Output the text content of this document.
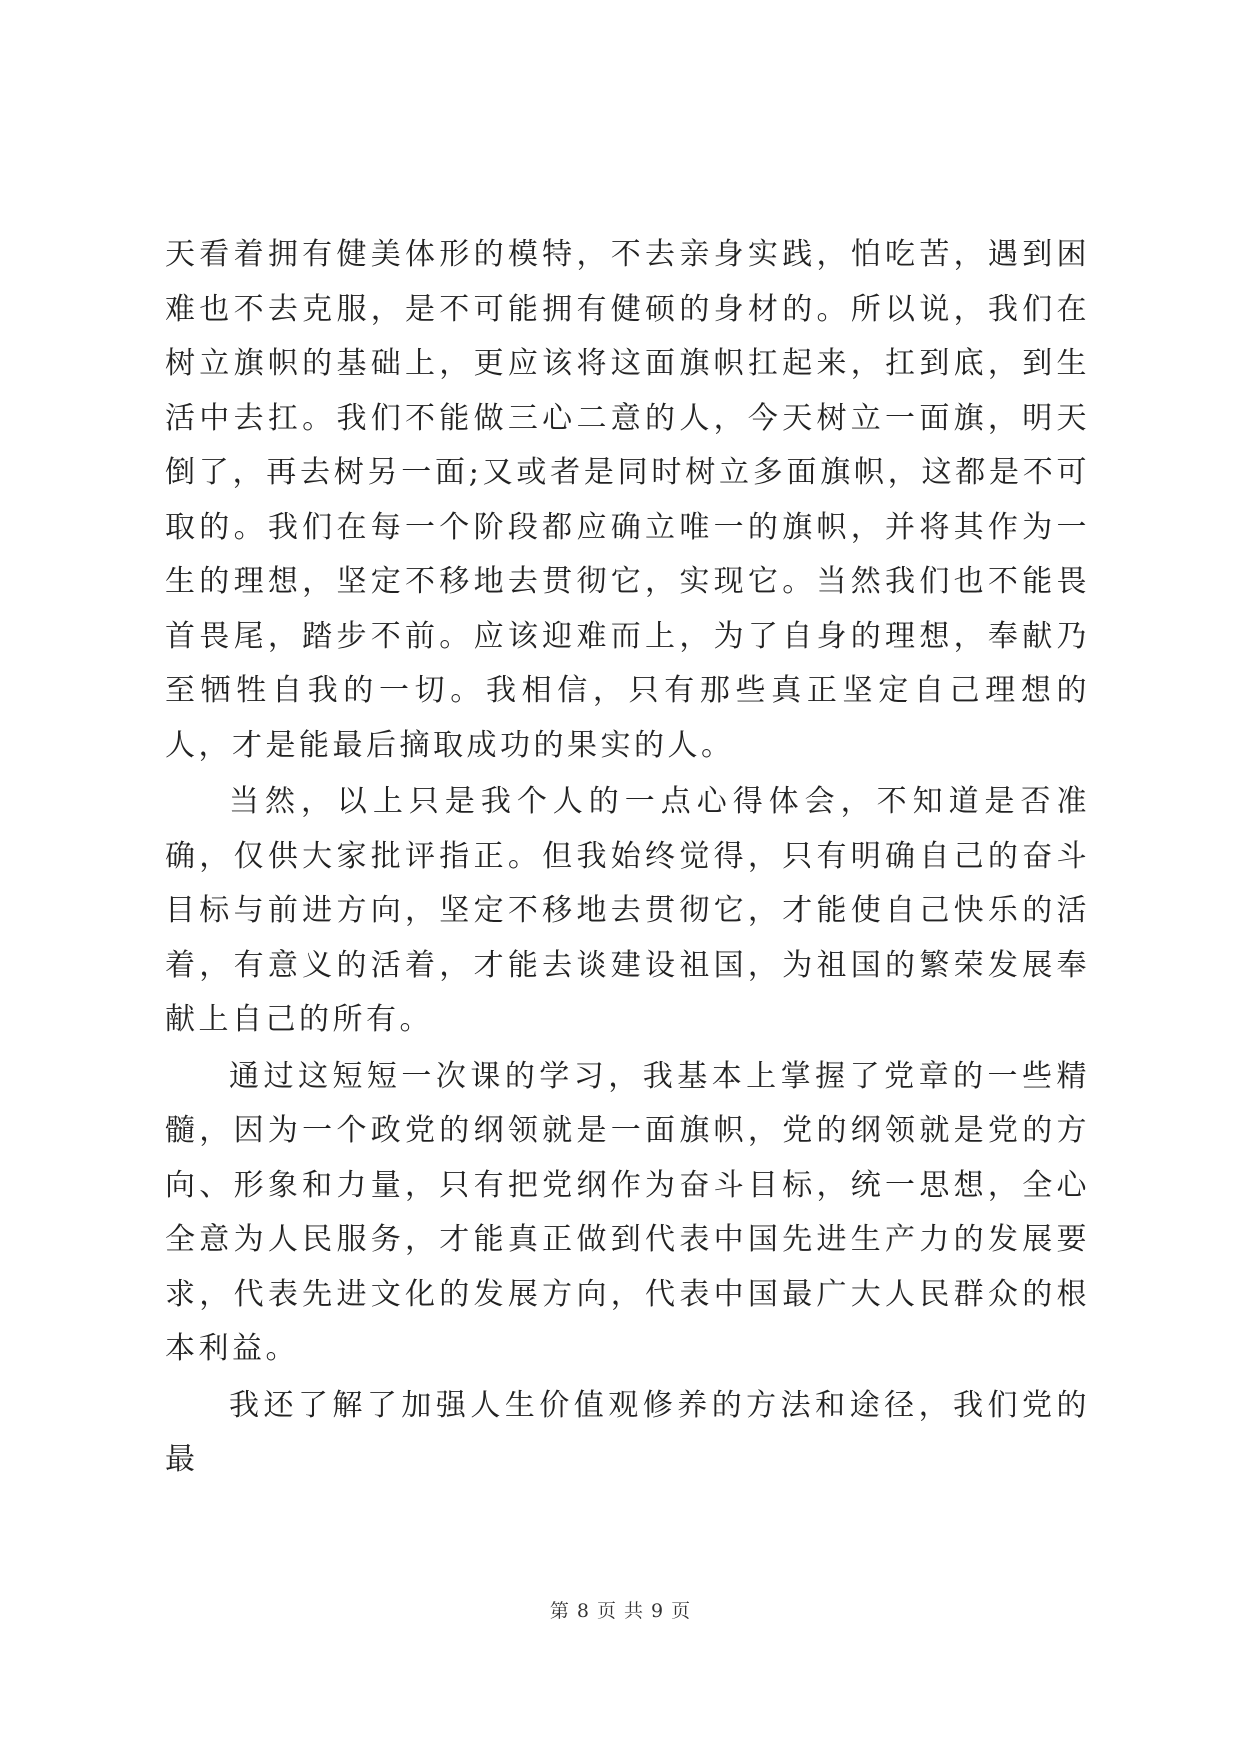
天看着拥有健美体形的模特，不去亲身实践，怕吃苦，遇到困难也不去克服，是不可能拥有健硕的身材的。所以说，我们在树立旗帜的基础上，更应该将这面旗帜扛起来，扛到底，到生活中去扛。我们不能做三心二意的人，今天树立一面旗，明天倒了，再去树另一面;又或者是同时树立多面旗帜，这都是不可取的。我们在每一个阶段都应确立唯一的旗帜，并将其作为一生的理想，坚定不移地去贯彻它，实现它。当然我们也不能畏首畏尾，踏步不前。应该迎难而上，为了自身的理想，奉献乃至牺牲自我的一切。我相信，只有那些真正坚定自己理想的人，才是能最后摘取成功的果实的人。

当然，以上只是我个人的一点心得体会，不知道是否准确，仅供大家批评指正。但我始终觉得，只有明确自己的奋斗目标与前进方向，坚定不移地去贯彻它，才能使自己快乐的活着，有意义的活着，才能去谈建设祖国，为祖国的繁荣发展奉献上自己的所有。

通过这短短一次课的学习，我基本上掌握了党章的一些精髓，因为一个政党的纲领就是一面旗帜，党的纲领就是党的方向、形象和力量，只有把党纲作为奋斗目标，统一思想，全心全意为人民服务，才能真正做到代表中国先进生产力的发展要求，代表先进文化的发展方向，代表中国最广大人民群众的根本利益。

我还了解了加强人生价值观修养的方法和途径，我们党的最

第 8 页 共 9 页
